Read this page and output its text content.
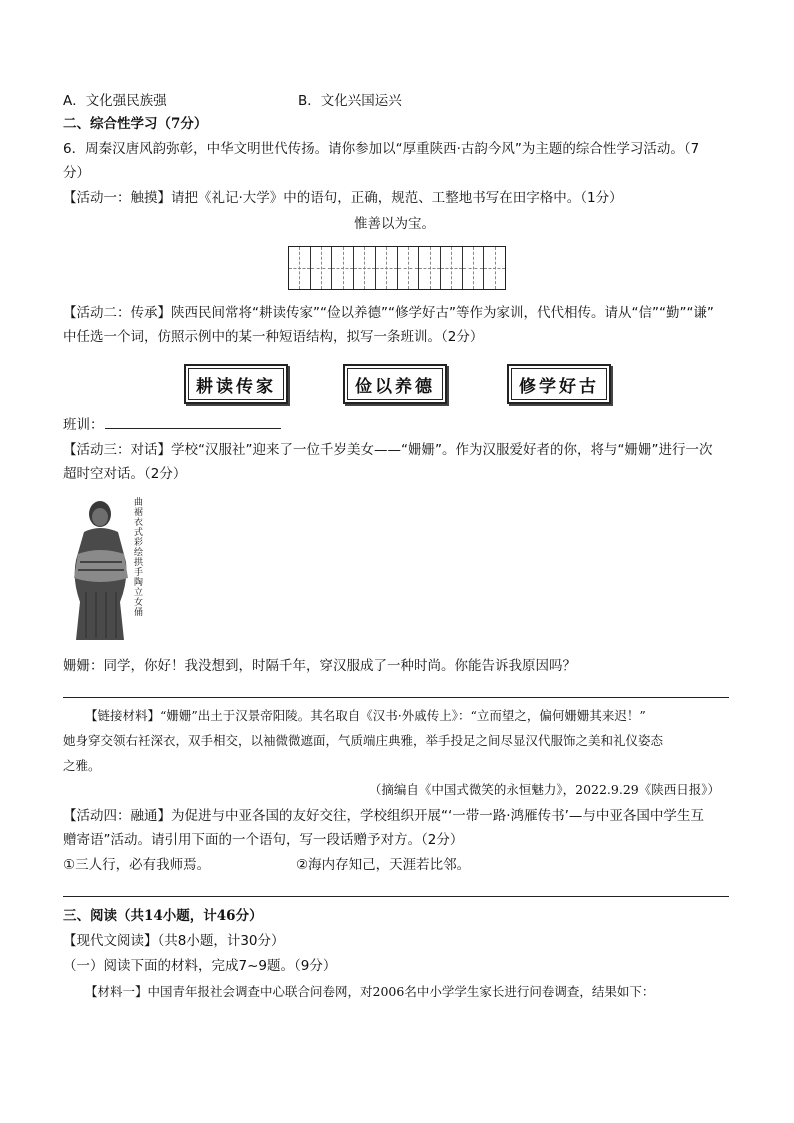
A．文化强民族强	B．文化兴国运兴
二、综合性学习（7分）
6．周秦汉唐风韵弥彰，中华文明世代传扬。请你参加以“厚重陕西·古韵今风”为主题的综合性学习活动。（7
分）
【活动一：触摸】请把《礼记·大学》中的语句，正确，规范、工整地书写在田字格中。（1分）
惟善以为宝。
【活动二：传承】陕西民间常将“耕读传家”“俭以养德”“修学好古”等作为家训，代代相传。请从“信”“勤”“谦”
中任选一个词，仿照示例中的某一种短语结构，拟写一条班训。（2分）
耕读传家	俭以养德	修学好古
班训：
【活动三：对话】学校“汉服社”迎来了一位千岁美女——“姗姗”。作为汉服爱好者的你，将与“姗姗”进行一次
超时空对话。（2分）
曲裾衣式彩绘拱手陶立女俑
姗姗：同学，你好！我没想到，时隔千年，穿汉服成了一种时尚。你能告诉我原因吗？
【链接材料】“姗姗”出土于汉景帝阳陵。其名取自《汉书·外戚传上》：“立而望之，偏何姗姗其来迟！”
她身穿交领右衽深衣，双手相交，以袖微微遮面，气质端庄典雅，举手投足之间尽显汉代服饰之美和礼仪姿态
之雅。
（摘编自《中国式微笑的永恒魅力》，2022.9.29《陕西日报》）
【活动四：融通】为促进与中亚各国的友好交往，学校组织开展“‘一带一路·鸿雁传书’—与中亚各国中学生互
赠寄语”活动。请引用下面的一个语句，写一段话赠予对方。（2分）
①三人行，必有我师焉。	②海内存知己，天涯若比邻。
三、阅读（共14小题，计46分）
【现代文阅读】（共8小题，计30分）
（一）阅读下面的材料，完成7~9题。（9分）
【材料一】中国青年报社会调查中心联合问卷网，对2006名中小学学生家长进行问卷调查，结果如下：
